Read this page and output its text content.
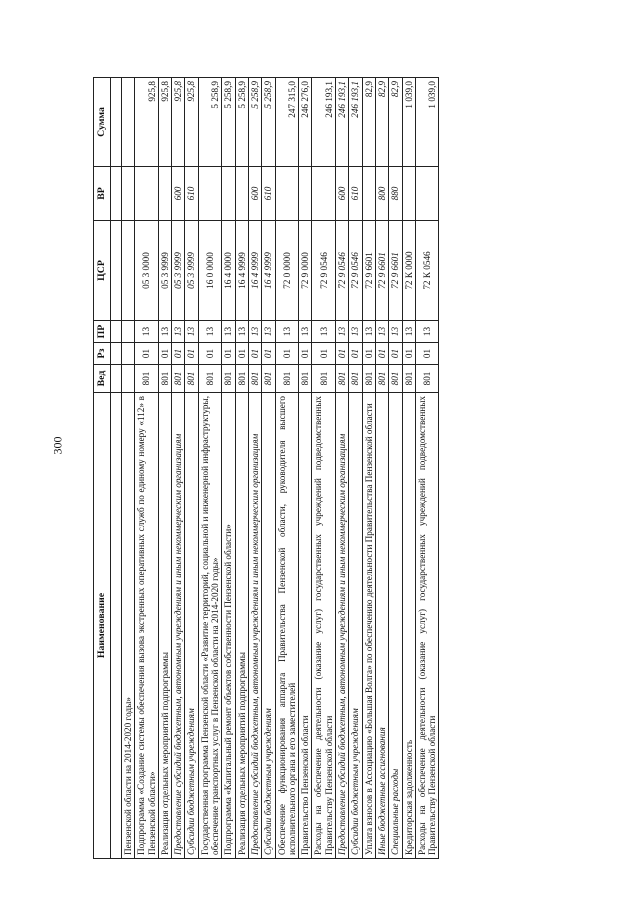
300
Наименование	Вед	Рз	ПР	ЦСР	ВР	Сумма

Пензенской области на 2014-2020 годы»						
Подпрограмма «Создание системы обеспечения вызова экстренных оперативных служб по единому номеру «112» в Пензенской области»	801	01	13	05 3 0000		925,8
Реализация отдельных мероприятий подпрограммы	801	01	13	05 3 9999		925,8
Предоставление субсидий бюджетным, автономным учреждениям и иным некоммерческим организациям	801	01	13	05 3 9999	600	925,8
Субсидии бюджетным учреждениям	801	01	13	05 3 9999	610	925,8
Государственная программа Пензенской области «Развитие территорий, социальной и инженерной инфраструктуры, обеспечение транспортных услуг в Пензенской области на 2014-2020 годы»	801	01	13	16 0 0000		5 258,9
Подпрограмма «Капитальный ремонт объектов собственности Пензенской области»	801	01	13	16 4 0000		5 258,9
Реализация отдельных мероприятий подпрограммы	801	01	13	16 4 9999		5 258,9
Предоставление субсидий бюджетным, автономным учреждениям и иным некоммерческим организациям	801	01	13	16 4 9999	600	5 258,9
Субсидии бюджетным учреждениям	801	01	13	16 4 9999	610	5 258,9
Обеспечение функционирования аппарата Правительства Пензенской области, руководителя высшего исполнительного органа и его заместителей	801	01	13	72 0 0000		247 315,0
Правительство Пензенской области	801	01	13	72 9 0000		246 276,0
Расходы на обеспечение деятельности (оказание услуг) государственных учреждений подведомственных Правительству Пензенской области	801	01	13	72 9 0546		246 193,1
Предоставление субсидий бюджетным, автономным учреждениям и иным некоммерческим организациям	801	01	13	72 9 0546	600	246 193,1
Субсидии бюджетным учреждениям	801	01	13	72 9 0546	610	246 193,1
Уплата взносов в Ассоциацию «Большая Волга» по обеспечению деятельности Правительства Пензенской области	801	01	13	72 9 6601		82,9
Иные бюджетные ассигнования	801	01	13	72 9 6601	800	82,9
Специальные расходы	801	01	13	72 9 6601	880	82,9
Кредиторская задолженность	801	01	13	72 К 0000		1 039,0
Расходы на обеспечение деятельности (оказание услуг) государственных учреждений подведомственных Правительству Пензенской области	801	01	13	72 К 0546		1 039,0
